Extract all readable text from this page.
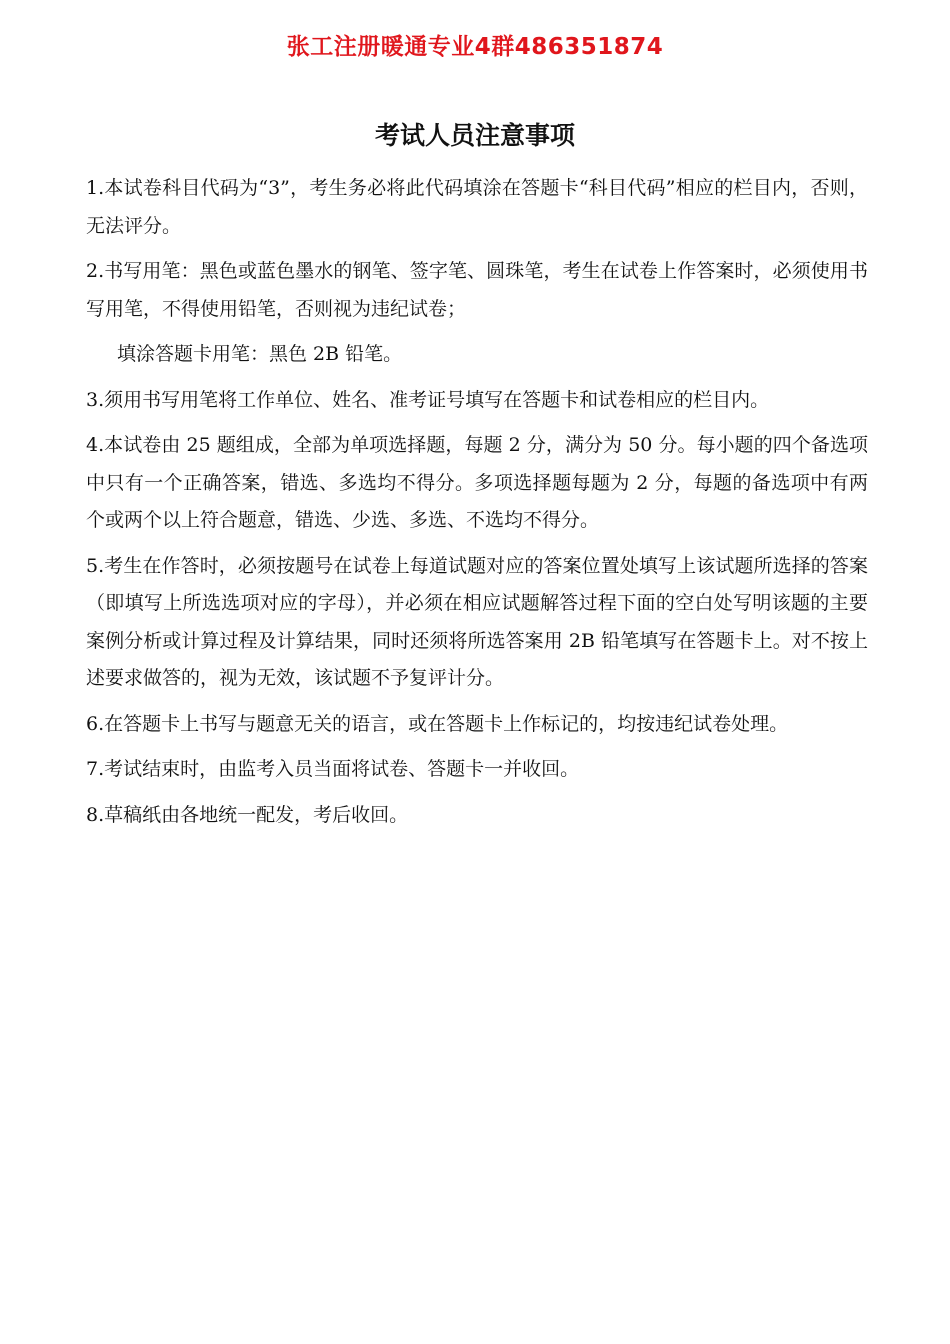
张工注册暖通专业4群486351874
考试人员注意事项

1.本试卷科目代码为“3”，考生务必将此代码填涂在答题卡“科目代码”相应的栏目内，否则，无法评分。

2.书写用笔：黑色或蓝色墨水的钢笔、签字笔、圆珠笔，考生在试卷上作答案时，必须使用书写用笔，不得使用铅笔，否则视为违纪试卷；

填涂答题卡用笔：黑色 2B 铅笔。

3.须用书写用笔将工作单位、姓名、准考证号填写在答题卡和试卷相应的栏目内。

4.本试卷由 25 题组成，全部为单项选择题，每题 2 分，满分为 50 分。每小题的四个备选项中只有一个正确答案，错选、多选均不得分。多项选择题每题为 2 分，每题的备选项中有两个或两个以上符合题意，错选、少选、多选、不选均不得分。

5.考生在作答时，必须按题号在试卷上每道试题对应的答案位置处填写上该试题所选择的答案（即填写上所选选项对应的字母），并必须在相应试题解答过程下面的空白处写明该题的主要案例分析或计算过程及计算结果，同时还须将所选答案用 2B 铅笔填写在答题卡上。对不按上述要求做答的，视为无效，该试题不予复评计分。

6.在答题卡上书写与题意无关的语言，或在答题卡上作标记的，均按违纪试卷处理。

7.考试结束时，由监考入员当面将试卷、答题卡一并收回。

8.草稿纸由各地统一配发，考后收回。
